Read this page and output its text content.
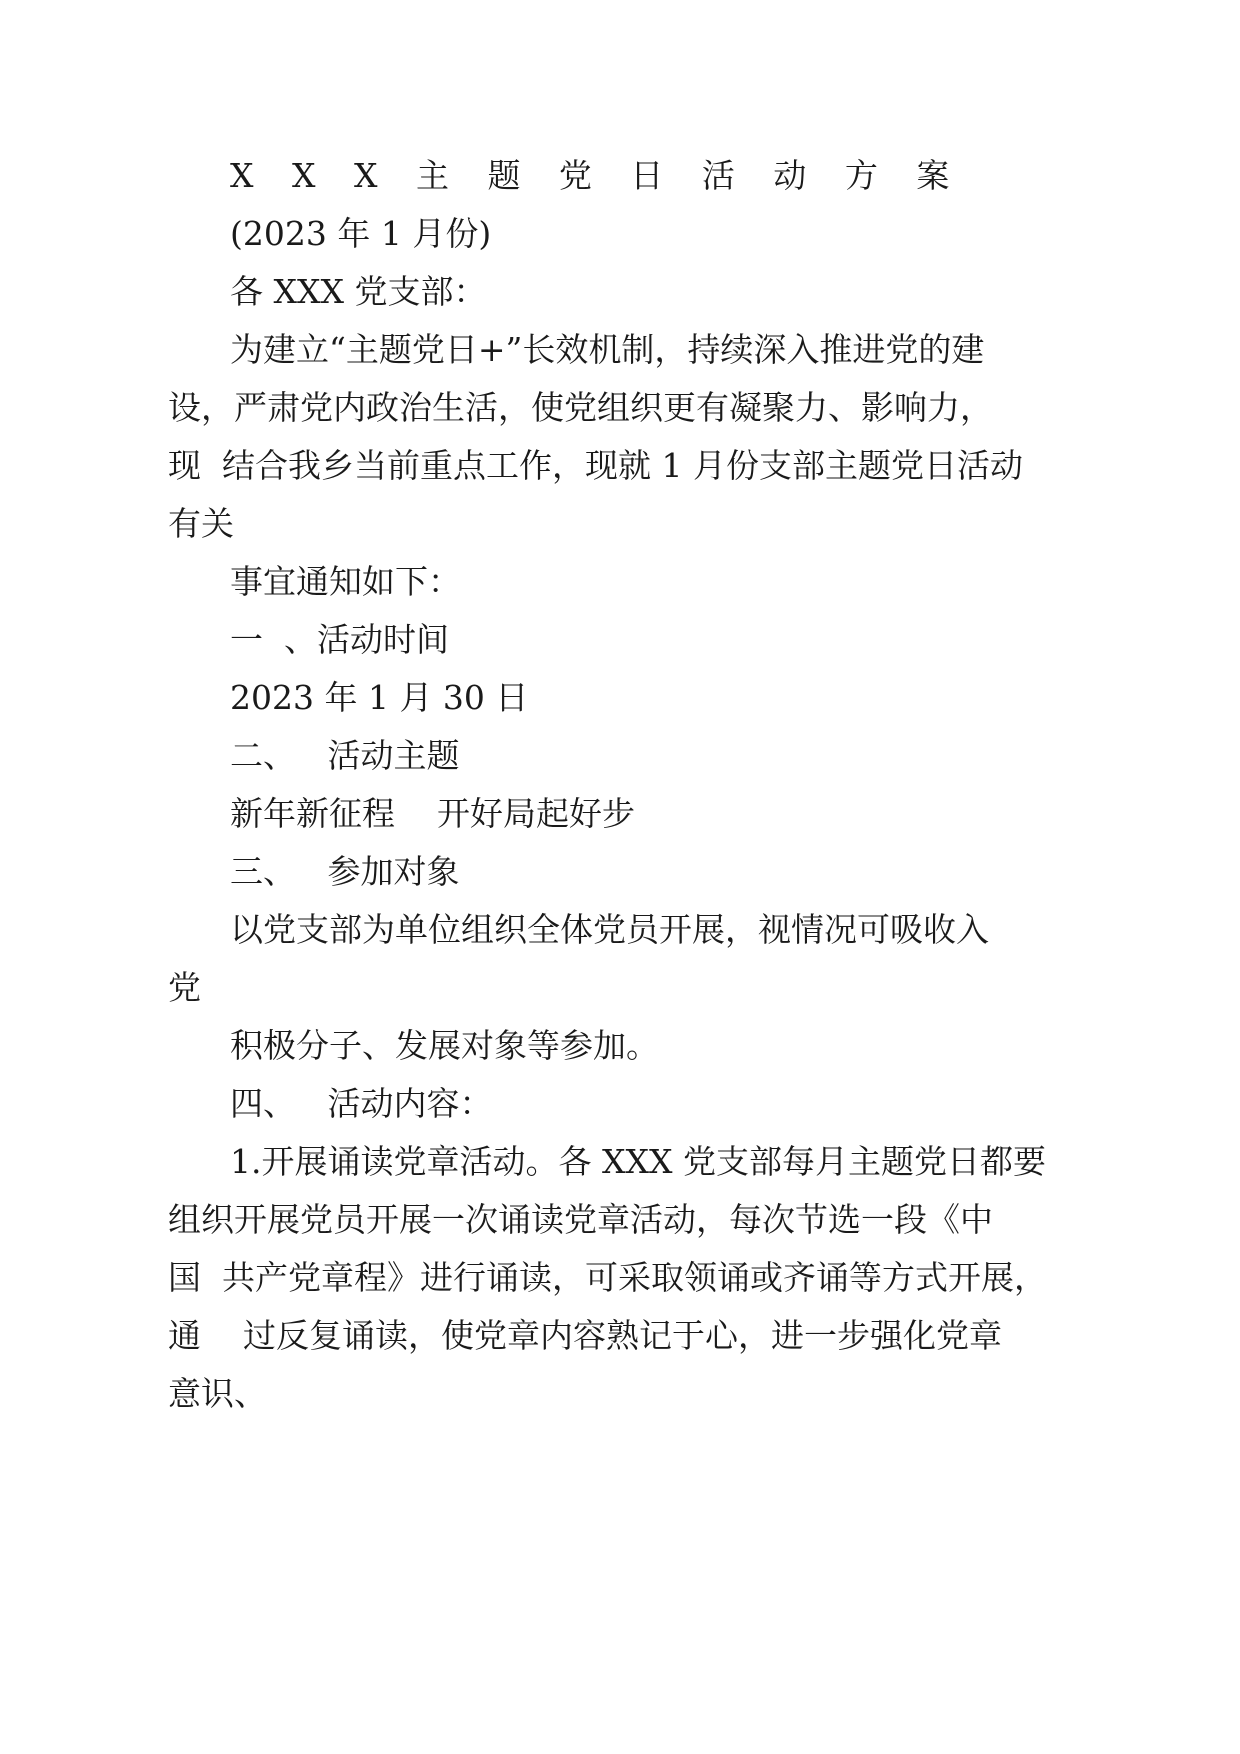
X X X 主 题 党 日 活 动 方 案
(2023 年 1 月份)
各 XXX 党支部：
为建立“主题党日+”长效机制，持续深入推进党的建
设，严肃党内政治生活，使党组织更有凝聚力、影响力，
现  结合我乡当前重点工作，现就 1 月份支部主题党日活动
有关
事宜通知如下：
一  、活动时间
2023 年 1 月 30 日
二、   活动主题
新年新征程    开好局起好步
三、   参加对象
以党支部为单位组织全体党员开展，视情况可吸收入
党
积极分子、发展对象等参加。
四、   活动内容：
1.开展诵读党章活动。各 XXX 党支部每月主题党日都要
组织开展党员开展一次诵读党章活动，每次节选一段《中
国  共产党章程》进行诵读，可采取领诵或齐诵等方式开展，
通    过反复诵读，使党章内容熟记于心，进一步强化党章
意识、
